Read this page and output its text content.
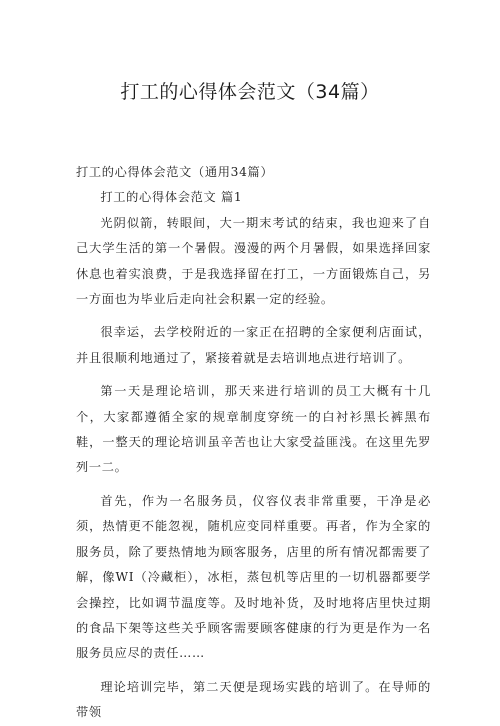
打工的心得体会范文（34篇）

打工的心得体会范文（通用34篇）

打工的心得体会范文 篇1

光阴似箭，转眼间，大一期末考试的结束，我也迎来了自己大学生活的第一个暑假。漫漫的两个月暑假，如果选择回家休息也着实浪费，于是我选择留在打工，一方面锻炼自己，另一方面也为毕业后走向社会积累一定的经验。

很幸运，去学校附近的一家正在招聘的全家便利店面试，并且很顺利地通过了，紧接着就是去培训地点进行培训了。

第一天是理论培训，那天来进行培训的员工大概有十几个，大家都遵循全家的规章制度穿统一的白衬衫黑长裤黑布鞋，一整天的理论培训虽辛苦也让大家受益匪浅。在这里先罗列一二。

首先，作为一名服务员，仪容仪表非常重要，干净是必须，热情更不能忽视，随机应变同样重要。再者，作为全家的服务员，除了要热情地为顾客服务，店里的所有情况都需要了解，像WI（冷藏柜），冰柜，蒸包机等店里的一切机器都要学会操控，比如调节温度等。及时地补货，及时地将店里快过期的食品下架等这些关乎顾客需要顾客健康的行为更是作为一名服务员应尽的责任……

理论培训完毕，第二天便是现场实践的培训了。在导师的带领
